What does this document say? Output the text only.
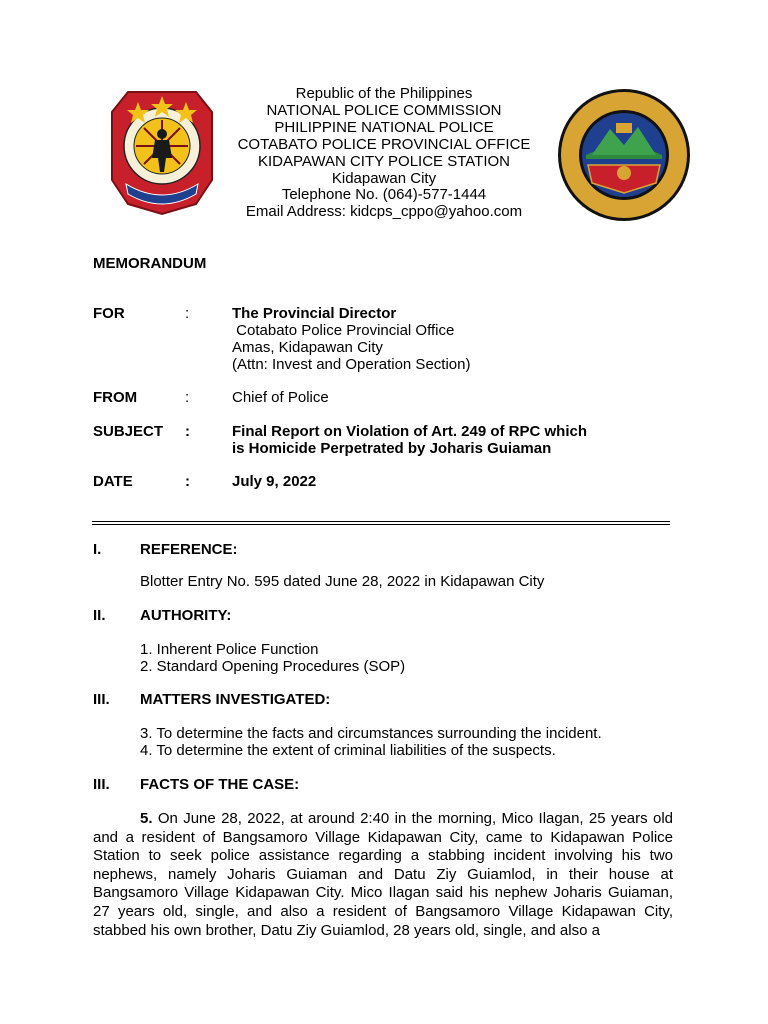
Republic of the Philippines
NATIONAL POLICE COMMISSION
PHILIPPINE NATIONAL POLICE
COTABATO POLICE PROVINCIAL OFFICE
KIDAPAWAN CITY POLICE STATION
Kidapawan City
Telephone No. (064)-577-1444
Email Address: kidcps_cppo@yahoo.com
MEMORANDUM
FOR	:	The Provincial Director
Cotabato Police Provincial Office
Amas, Kidapawan City
(Attn: Invest and Operation Section)
FROM	:	Chief of Police
SUBJECT :	Final Report on Violation of Art. 249 of RPC which
is Homicide Perpetrated by Joharis Guiaman
DATE	:	July 9, 2022
I.	REFERENCE:
Blotter Entry No. 595 dated June 28, 2022 in Kidapawan City
II. AUTHORITY:
1. Inherent Police Function
2. Standard Opening Procedures (SOP)
III. MATTERS INVESTIGATED:
3. To determine the facts and circumstances surrounding the incident.
4. To determine the extent of criminal liabilities of the suspects.
III. FACTS OF THE CASE:
5. On June 28, 2022, at around 2:40 in the morning, Mico Ilagan, 25 years old and a resident of Bangsamoro Village Kidapawan City, came to Kidapawan Police Station to seek police assistance regarding a stabbing incident involving his two nephews, namely Joharis Guiaman and Datu Ziy Guiamlod, in their house at Bangsamoro Village Kidapawan City. Mico Ilagan said his nephew Joharis Guiaman, 27 years old, single, and also a resident of Bangsamoro Village Kidapawan City, stabbed his own brother, Datu Ziy Guiamlod, 28 years old, single, and also a
